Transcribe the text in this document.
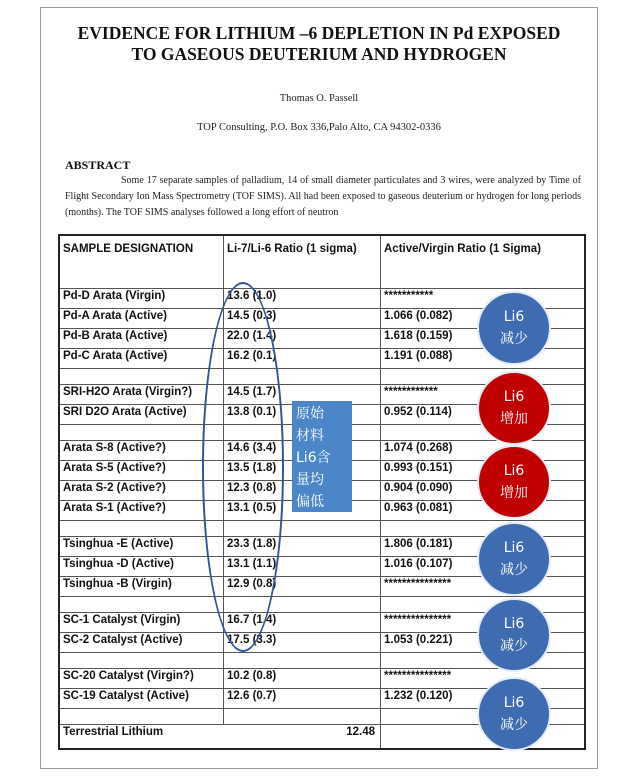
EVIDENCE FOR LITHIUM –6 DEPLETION IN Pd EXPOSED
TO GASEOUS DEUTERIUM AND HYDROGEN
Thomas O. Passell
TOP Consulting, P.O. Box 336,Palo Alto, CA 94302-0336
ABSTRACT
Some 17 separate samples of palladium, 14 of small diameter particulates and 3 wires, were analyzed by Time of Flight Secondary Ion Mass Spectrometry (TOF SIMS). All had been exposed to gaseous deuterium or hydrogen for long periods (months). The TOF SIMS analyses followed a long effort of neutron
SAMPLE DESIGNATION	Li-7/Li-6 Ratio (1 sigma)	Active/Virgin Ratio (1 Sigma)
Pd-D Arata (Virgin)	13.6 (1.0)	***********
Pd-A Arata (Active)	14.5 (0.3)	1.066 (0.082)
Pd-B Arata (Active)	22.0 (1.4)	1.618 (0.159)
Pd-C Arata (Active)	16.2 (0.1)	1.191 (0.088)
SRI-H2O Arata (Virgin?)	14.5 (1.7)	************
SRI D2O Arata (Active)	13.8 (0.1)	0.952 (0.114)
Arata S-8 (Active?)	14.6 (3.4)	1.074 (0.268)
Arata S-5 (Active?)	13.5 (1.8)	0.993 (0.151)
Arata S-2 (Active?)	12.3 (0.8)	0.904 (0.090)
Arata S-1 (Active?)	13.1 (0.5)	0.963 (0.081)
Tsinghua -E (Active)	23.3 (1.8)	1.806 (0.181)
Tsinghua -D (Active)	13.1 (1.1)	1.016 (0.107)
Tsinghua -B (Virgin)	12.9 (0.8)	***************
SC-1 Catalyst (Virgin)	16.7 (1.4)	***************
SC-2 Catalyst (Active)	17.5 (3.3)	1.053 (0.221)
SC-20 Catalyst (Virgin?)	10.2 (0.8)	***************
SC-19 Catalyst (Active)	12.6 (0.7)	1.232 (0.120)
Terrestrial Lithium	12.48
原始
材料
Li6含
量均
偏低
Li6
减少
Li6
增加
Li6
增加
Li6
减少
Li6
减少
Li6
减少
